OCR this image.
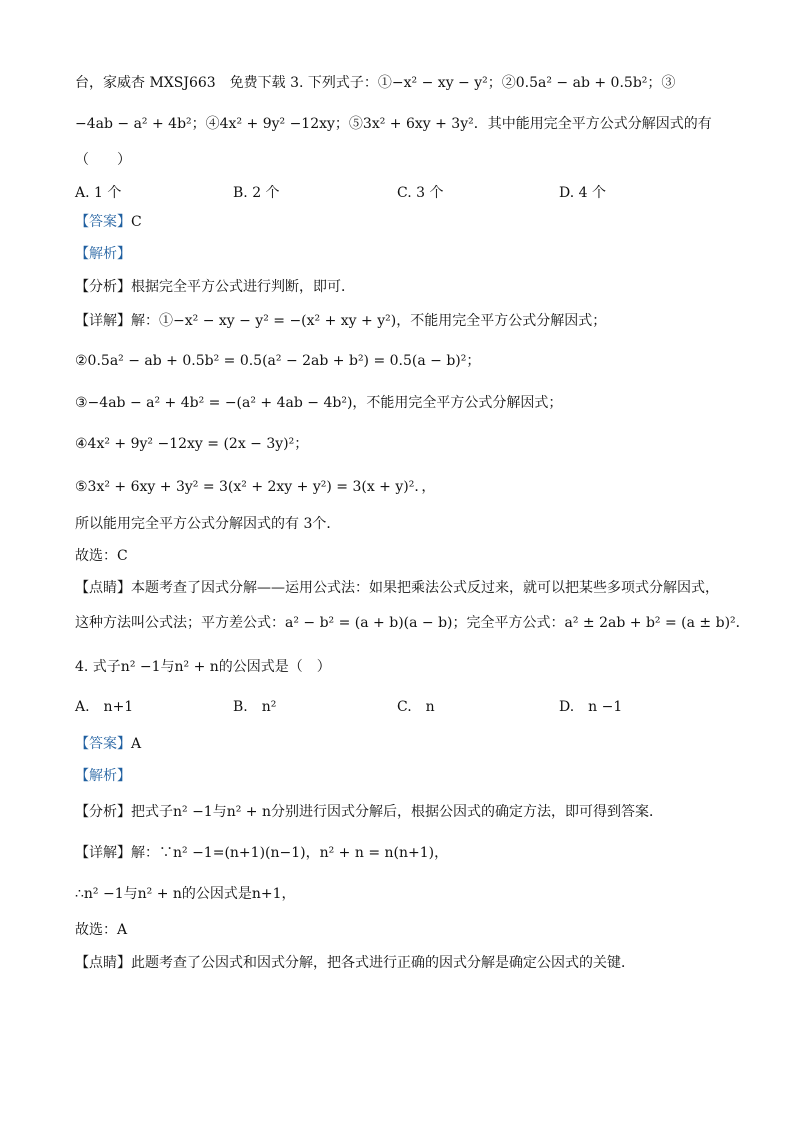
台，家威杏 MXSJ663　免费下载 3. 下列式子：①−x² − xy − y²；②0.5a² − ab + 0.5b²；③
−4ab − a² + 4b²；④4x² + 9y² −12xy；⑤3x² + 6xy + 3y²．其中能用完全平方公式分解因式的有
（　　）
A. 1 个	B. 2 个	C. 3 个	D. 4 个
【答案】C
【解析】
【分析】根据完全平方公式进行判断，即可．
【详解】解：①−x² − xy − y² = −(x² + xy + y²)，不能用完全平方公式分解因式；
②0.5a² − ab + 0.5b² = 0.5(a² − 2ab + b²) = 0.5(a − b)²；
③−4ab − a² + 4b² = −(a² + 4ab − 4b²)，不能用完全平方公式分解因式；
④4x² + 9y² −12xy = (2x − 3y)²；
⑤3x² + 6xy + 3y² = 3(x² + 2xy + y²) = 3(x + y)²．，
所以能用完全平方公式分解因式的有 3个．
故选：C
【点睛】本题考查了因式分解——运用公式法：如果把乘法公式反过来，就可以把某些多项式分解因式，
这种方法叫公式法；平方差公式：a² − b² = (a + b)(a − b)；完全平方公式：a² ± 2ab + b² = (a ± b)²．
4. 式子n² −1与n² + n的公因式是（　）
A.　n+1	B.　n²	C.　n	D.　n −1
【答案】A
【解析】
【分析】把式子n² −1与n² + n分别进行因式分解后，根据公因式的确定方法，即可得到答案．
【详解】解：∵n² −1=(n+1)(n−1)，n² + n = n(n+1)，
∴n² −1与n² + n的公因式是n+1，
故选：A
【点睛】此题考查了公因式和因式分解，把各式进行正确的因式分解是确定公因式的关键．
